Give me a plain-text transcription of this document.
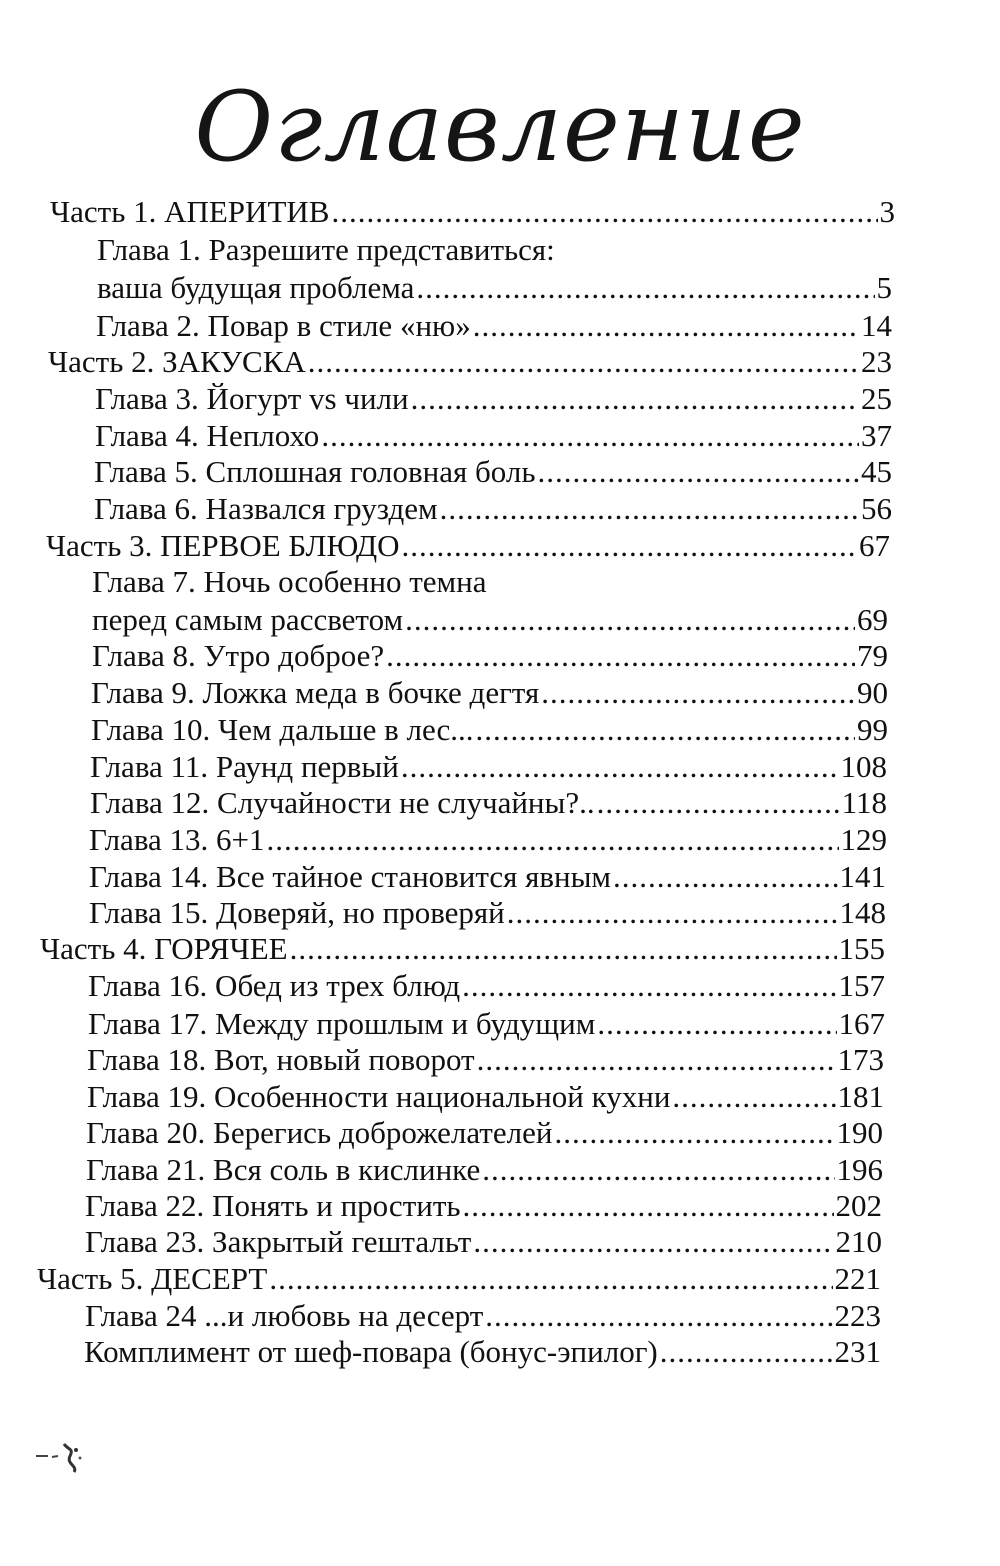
Оглавление
Часть 1. АПЕРИТИВ .....	3
Глава 1. Разрешите представиться:
ваша будущая проблема .....	5
Глава 2. Повар в стиле «ню» .....	14
Часть 2. ЗАКУСКА .....	23
Глава 3. Йогурт vs чили .....	25
Глава 4. Неплохо .....	37
Глава 5. Сплошная головная боль .....	45
Глава 6. Назвался груздем .....	56
Часть 3. ПЕРВОЕ БЛЮДО .....	67
Глава 7. Ночь особенно темна
перед самым рассветом .....	69
Глава 8. Утро доброе? .....	79
Глава 9. Ложка меда в бочке дегтя .....	90
Глава 10. Чем дальше в лес... .....	99
Глава 11. Раунд первый .....	108
Глава 12. Случайности не случайны?.. .....	118
Глава 13. 6+1 .....	129
Глава 14. Все тайное становится явным .....	141
Глава 15. Доверяй, но проверяй .....	148
Часть 4. ГОРЯЧЕЕ .....	155
Глава 16. Обед из трех блюд .....	157
Глава 17. Между прошлым и будущим .....	167
Глава 18. Вот, новый поворот .....	173
Глава 19. Особенности национальной кухни .....	181
Глава 20. Берегись доброжелателей .....	190
Глава 21. Вся соль в кислинке .....	196
Глава 22. Понять и простить .....	202
Глава 23. Закрытый гештальт .....	210
Часть 5. ДЕСЕРТ .....	221
Глава 24 ...и любовь на десерт .....	223
Комплимент от шеф-повара (бонус-эпилог) .....	231
